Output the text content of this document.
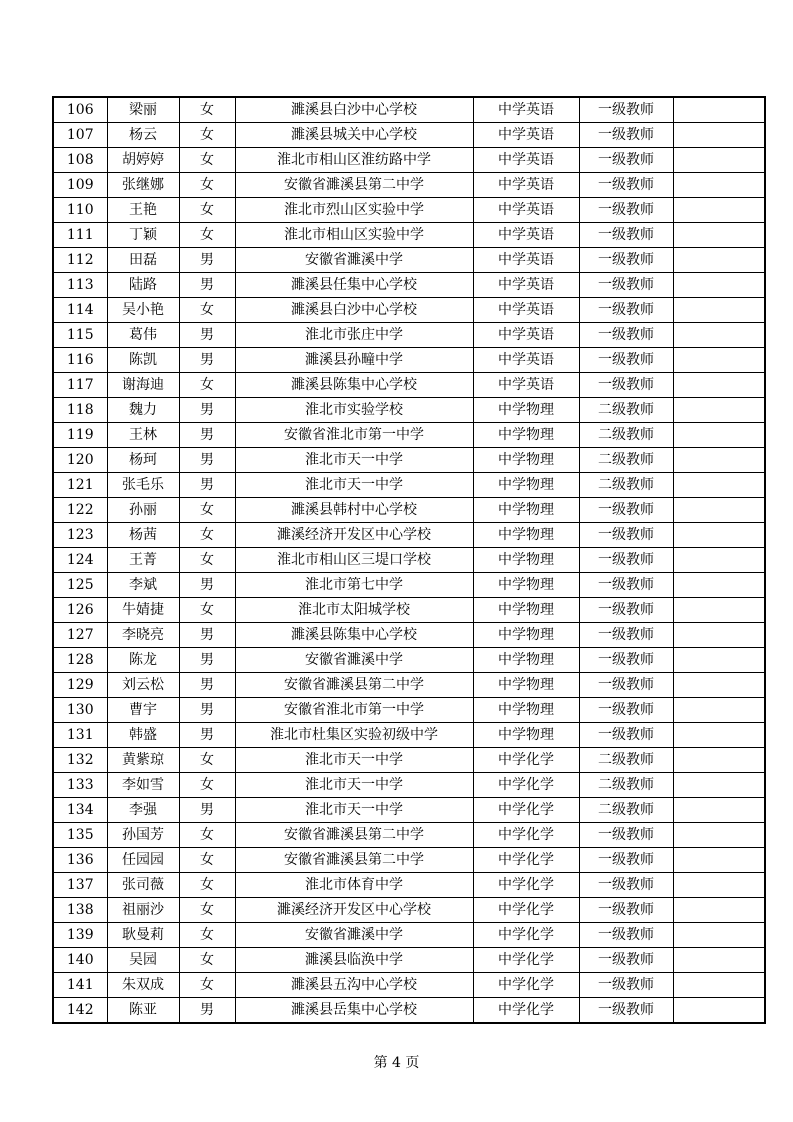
106	梁丽	女	濉溪县白沙中心学校	中学英语	一级教师	
107	杨云	女	濉溪县城关中心学校	中学英语	一级教师	
108	胡婷婷	女	淮北市相山区淮纺路中学	中学英语	一级教师	
109	张继娜	女	安徽省濉溪县第二中学	中学英语	一级教师	
110	王艳	女	淮北市烈山区实验中学	中学英语	一级教师	
111	丁颖	女	淮北市相山区实验中学	中学英语	一级教师	
112	田磊	男	安徽省濉溪中学	中学英语	一级教师	
113	陆路	男	濉溪县任集中心学校	中学英语	一级教师	
114	吴小艳	女	濉溪县白沙中心学校	中学英语	一级教师	
115	葛伟	男	淮北市张庄中学	中学英语	一级教师	
116	陈凯	男	濉溪县孙疃中学	中学英语	一级教师	
117	谢海迪	女	濉溪县陈集中心学校	中学英语	一级教师	
118	魏力	男	淮北市实验学校	中学物理	二级教师	
119	王林	男	安徽省淮北市第一中学	中学物理	二级教师	
120	杨珂	男	淮北市天一中学	中学物理	二级教师	
121	张毛乐	男	淮北市天一中学	中学物理	二级教师	
122	孙丽	女	濉溪县韩村中心学校	中学物理	一级教师	
123	杨茜	女	濉溪经济开发区中心学校	中学物理	一级教师	
124	王菁	女	淮北市相山区三堤口学校	中学物理	一级教师	
125	李斌	男	淮北市第七中学	中学物理	一级教师	
126	牛婧捷	女	淮北市太阳城学校	中学物理	一级教师	
127	李晓亮	男	濉溪县陈集中心学校	中学物理	一级教师	
128	陈龙	男	安徽省濉溪中学	中学物理	一级教师	
129	刘云松	男	安徽省濉溪县第二中学	中学物理	一级教师	
130	曹宇	男	安徽省淮北市第一中学	中学物理	一级教师	
131	韩盛	男	淮北市杜集区实验初级中学	中学物理	一级教师	
132	黄紫琼	女	淮北市天一中学	中学化学	二级教师	
133	李如雪	女	淮北市天一中学	中学化学	二级教师	
134	李强	男	淮北市天一中学	中学化学	二级教师	
135	孙国芳	女	安徽省濉溪县第二中学	中学化学	一级教师	
136	任园园	女	安徽省濉溪县第二中学	中学化学	一级教师	
137	张司薇	女	淮北市体育中学	中学化学	一级教师	
138	祖丽沙	女	濉溪经济开发区中心学校	中学化学	一级教师	
139	耿曼莉	女	安徽省濉溪中学	中学化学	一级教师	
140	吴园	女	濉溪县临涣中学	中学化学	一级教师	
141	朱双成	女	濉溪县五沟中心学校	中学化学	一级教师	
142	陈亚	男	濉溪县岳集中心学校	中学化学	一级教师	
第 4 页
